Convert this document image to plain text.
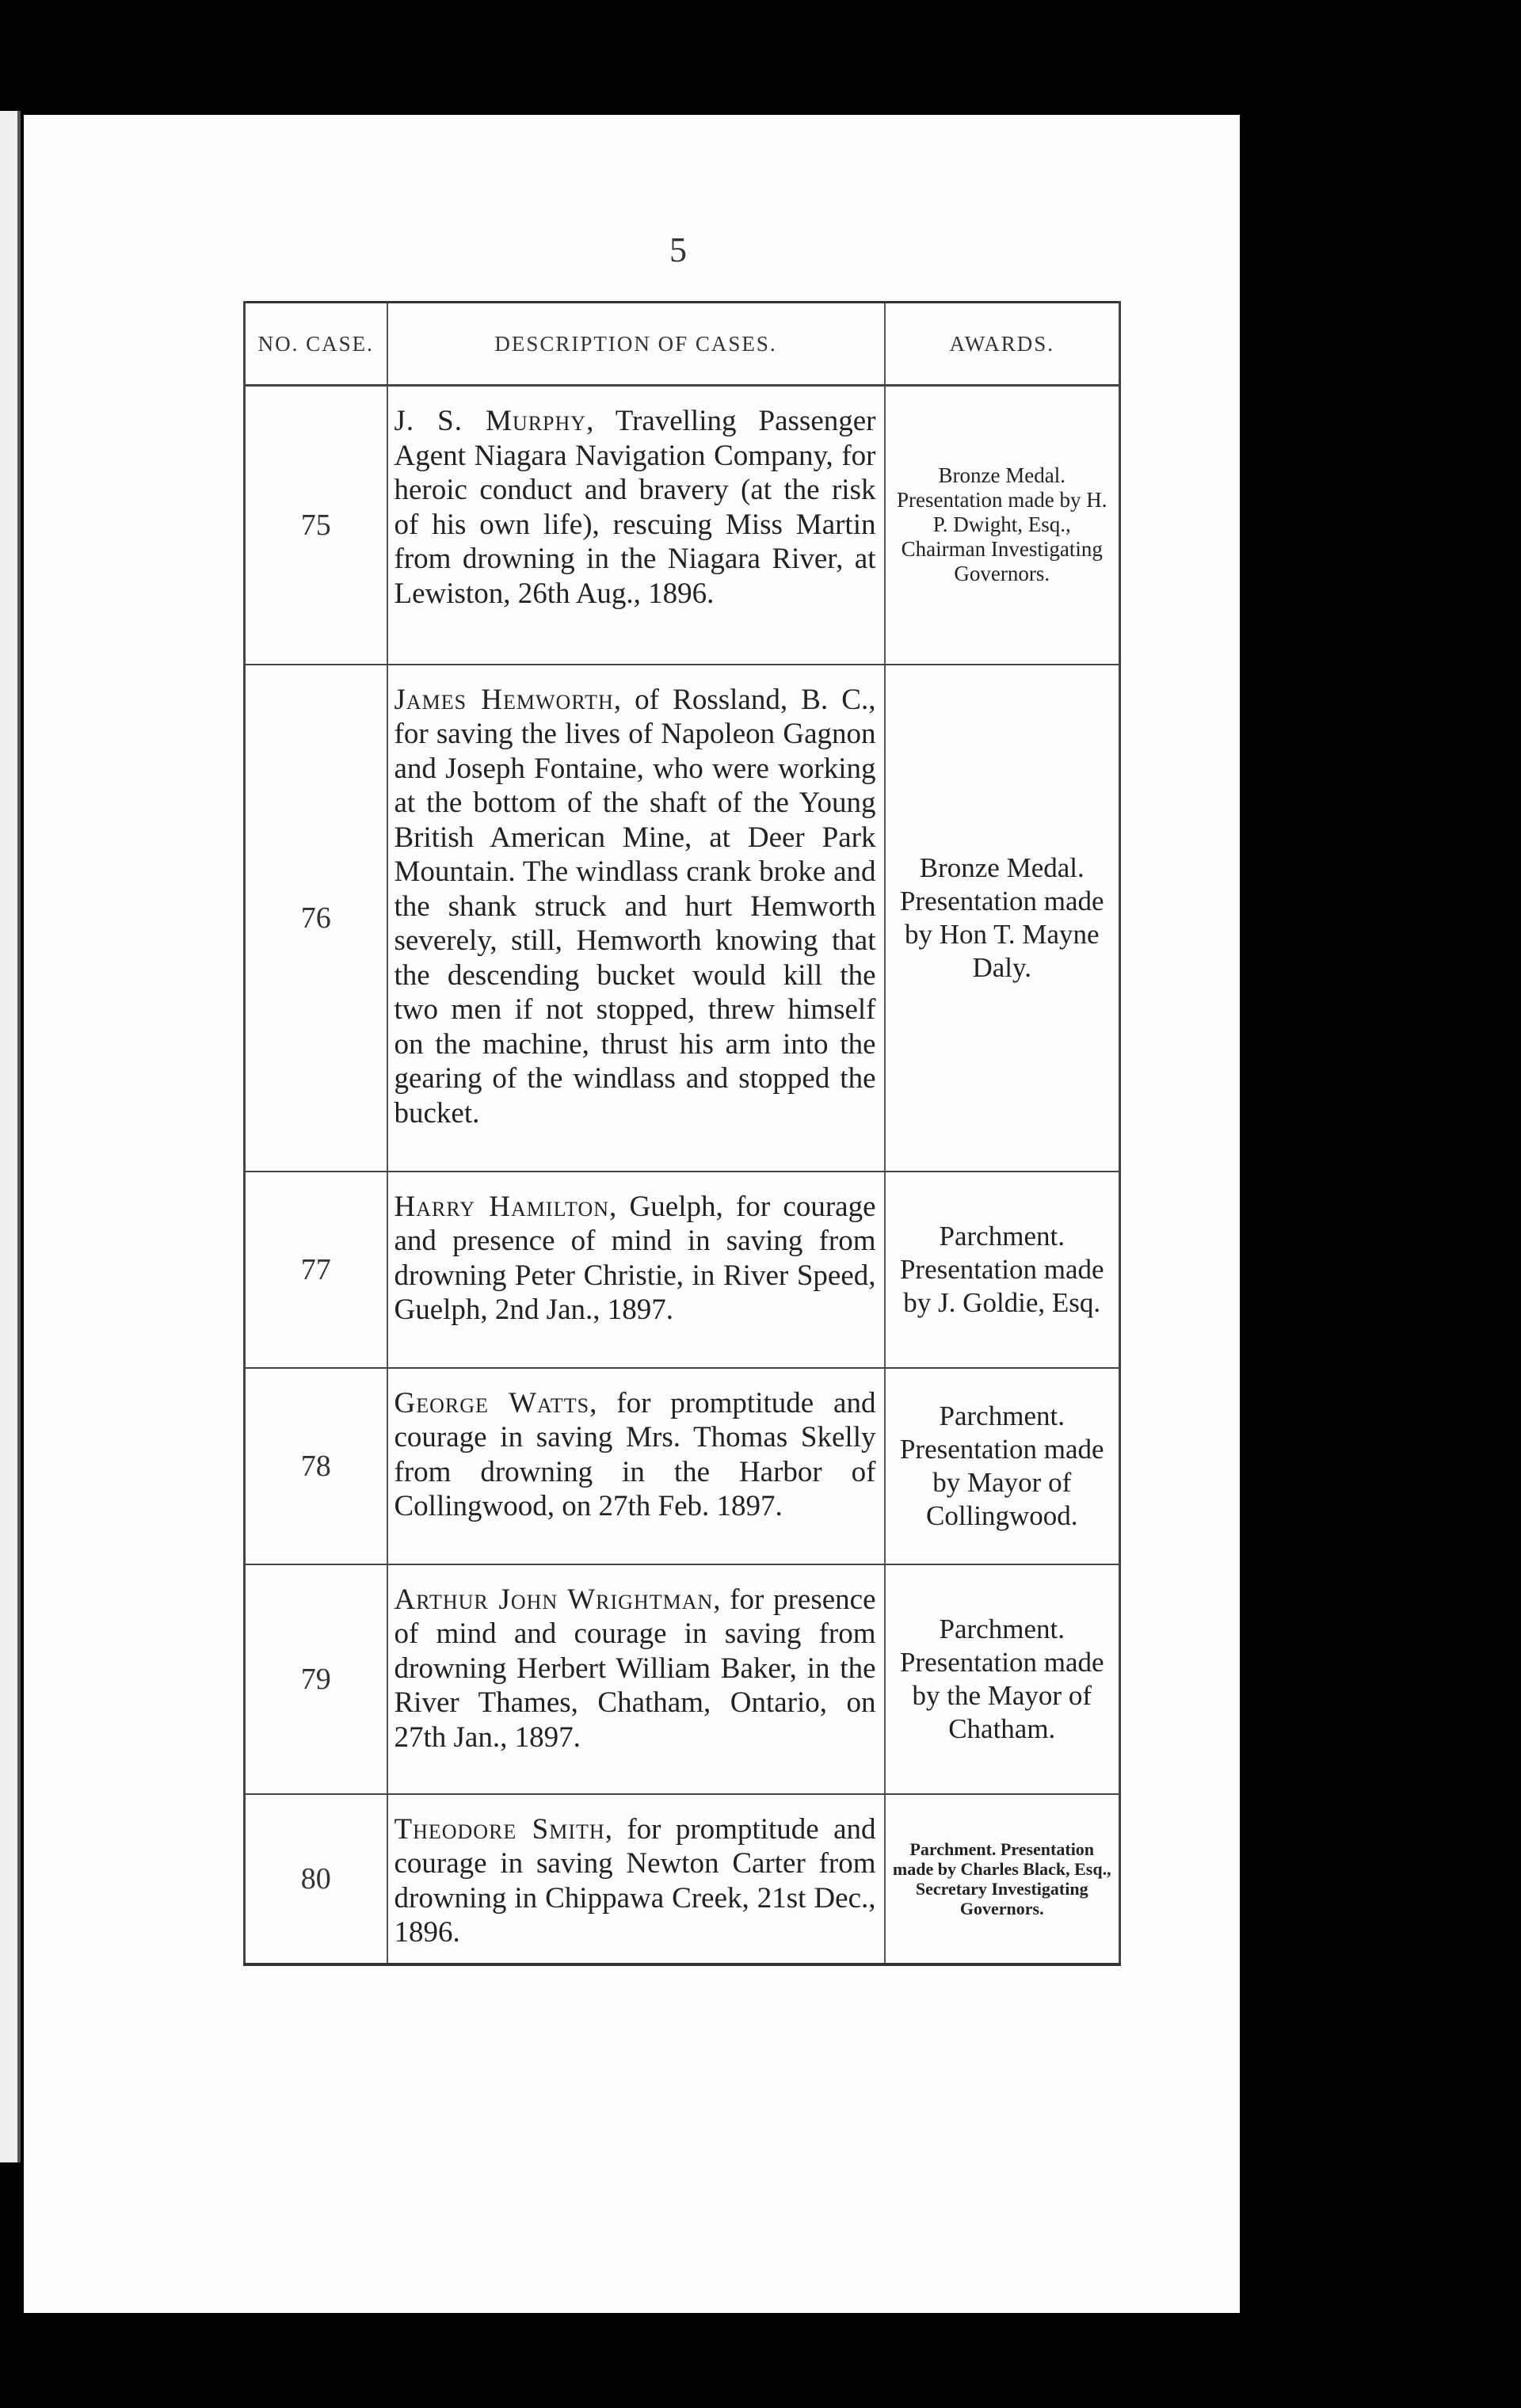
5
NO. CASE.	DESCRIPTION OF CASES.	AWARDS.
75	J. S. Murphy, Travelling Passenger Agent Niagara Navigation Company, for heroic conduct and bravery (at the risk of his own life), rescuing Miss Martin from drowning in the Niagara River, at Lewiston, 26th Aug., 1896.	Bronze Medal. Presentation made by H. P. Dwight, Esq., Chairman Investigating Governors.
76	James Hemworth, of Rossland, B. C., for saving the lives of Napoleon Gagnon and Joseph Fontaine, who were working at the bottom of the shaft of the Young British American Mine, at Deer Park Mountain. The windlass crank broke and the shank struck and hurt Hemworth severely, still, Hemworth knowing that the descending bucket would kill the two men if not stopped, threw himself on the machine, thrust his arm into the gearing of the windlass and stopped the bucket.	Bronze Medal. Presentation made by Hon T. Mayne Daly.
77	Harry Hamilton, Guelph, for courage and presence of mind in saving from drowning Peter Christie, in River Speed, Guelph, 2nd Jan., 1897.	Parchment. Presentation made by J. Goldie, Esq.
78	George Watts, for promptitude and courage in saving Mrs. Thomas Skelly from drowning in the Harbor of Collingwood, on 27th Feb. 1897.	Parchment. Presentation made by Mayor of Collingwood.
79	Arthur John Wrightman, for presence of mind and courage in saving from drowning Herbert William Baker, in the River Thames, Chatham, Ontario, on 27th Jan., 1897.	Parchment. Presentation made by the Mayor of Chatham.
80	Theodore Smith, for promptitude and courage in saving Newton Carter from drowning in Chippawa Creek, 21st Dec., 1896.	Parchment. Presentation made by Charles Black, Esq., Secretary Investigating Governors.
